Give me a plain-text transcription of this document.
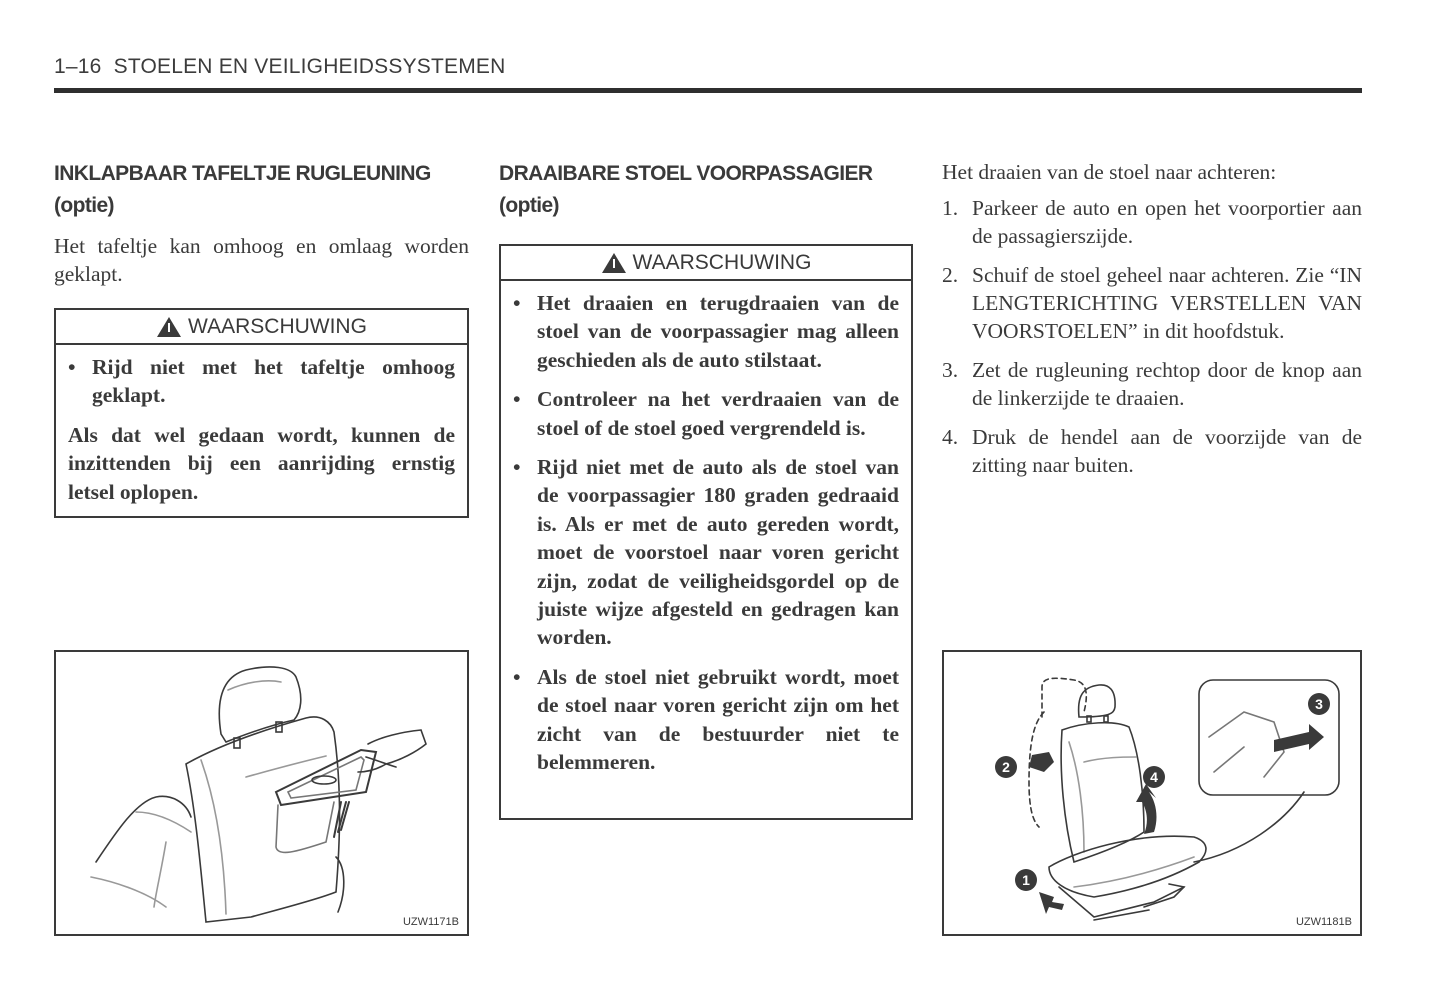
1–16 STOELEN EN VEILIGHEIDSSYSTEMEN
INKLAPBAAR TAFELTJE RUGLEUNING
(optie)
Het tafeltje kan omhoog en omlaag worden geklapt.
WAARSCHUWING
• Rijd niet met het tafeltje omhoog geklapt.
Als dat wel gedaan wordt, kunnen de inzittenden bij een aanrijding ernstig letsel oplopen.
UZW1171B
DRAAIBARE STOEL VOORPASSAGIER
(optie)
WAARSCHUWING
• Het draaien en terugdraaien van de stoel van de voorpassagier mag alleen geschieden als de auto stilstaat.
• Controleer na het verdraaien van de stoel of de stoel goed vergrendeld is.
• Rijd niet met de auto als de stoel van de voorpassagier 180 graden gedraaid is. Als er met de auto gereden wordt, moet de voorstoel naar voren gericht zijn, zodat de veiligheidsgordel op de juiste wijze afgesteld en gedragen kan worden.
• Als de stoel niet gebruikt wordt, moet de stoel naar voren gericht zijn om het zicht van de bestuurder niet te belemmeren.
Het draaien van de stoel naar achteren:
1. Parkeer de auto en open het voorportier aan de passagierszijde.
2. Schuif de stoel geheel naar achteren. Zie “IN LENGTERICHTING VERSTELLEN VAN VOORSTOELEN” in dit hoofdstuk.
3. Zet de rugleuning rechtop door de knop aan de linkerzijde te draaien.
4. Druk de hendel aan de voorzijde van de zitting naar buiten.
1
2
3
4
UZW1181B
